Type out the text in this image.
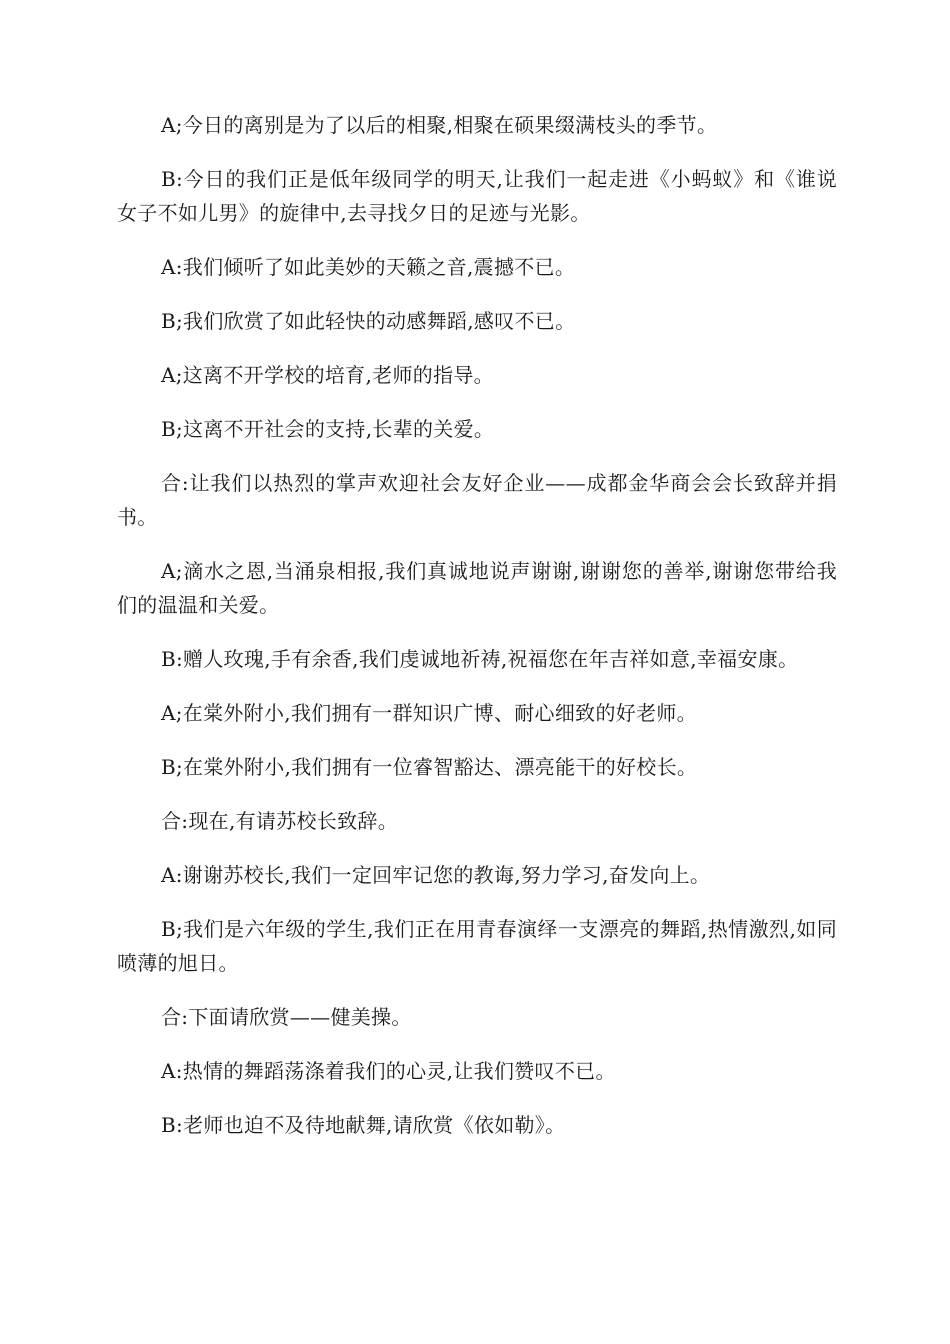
A;今日的离别是为了以后的相聚,相聚在硕果缀满枝头的季节。

B:今日的我们正是低年级同学的明天,让我们一起走进《小蚂蚁》和《谁说女子不如儿男》的旋律中,去寻找夕日的足迹与光影。

A:我们倾听了如此美妙的天籁之音,震撼不已。

B;我们欣赏了如此轻快的动感舞蹈,感叹不已。

A;这离不开学校的培育,老师的指导。

B;这离不开社会的支持,长辈的关爱。

合:让我们以热烈的掌声欢迎社会友好企业——成都金华商会会长致辞并捐书。

A;滴水之恩,当涌泉相报,我们真诚地说声谢谢,谢谢您的善举,谢谢您带给我们的温温和关爱。

B:赠人玫瑰,手有余香,我们虔诚地祈祷,祝福您在年吉祥如意,幸福安康。

A;在棠外附小,我们拥有一群知识广博、耐心细致的好老师。

B;在棠外附小,我们拥有一位睿智豁达、漂亮能干的好校长。

合:现在,有请苏校长致辞。

A:谢谢苏校长,我们一定回牢记您的教诲,努力学习,奋发向上。

B;我们是六年级的学生,我们正在用青春演绎一支漂亮的舞蹈,热情激烈,如同喷薄的旭日。

合:下面请欣赏——健美操。

A:热情的舞蹈荡涤着我们的心灵,让我们赞叹不已。

B:老师也迫不及待地献舞,请欣赏《依如勒》。
